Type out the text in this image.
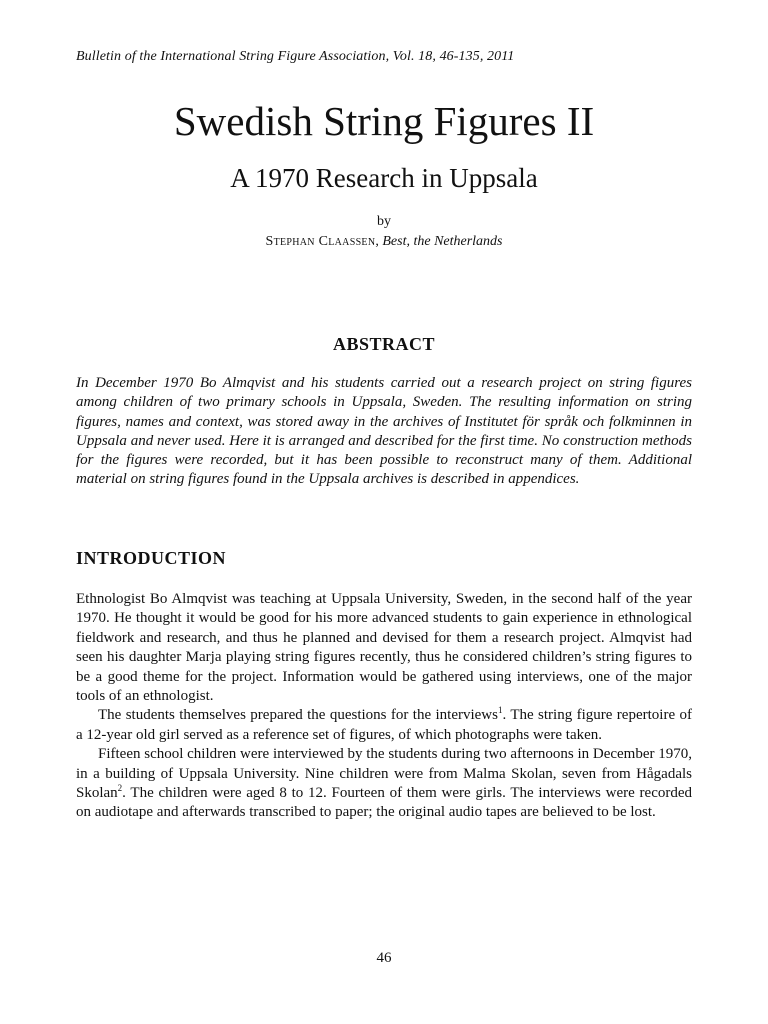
Bulletin of the International String Figure Association, Vol. 18, 46-135, 2011
Swedish String Figures II
A 1970 Research in Uppsala
by
Stephan Claassen, Best, the Netherlands
ABSTRACT

In December 1970 Bo Almqvist and his students carried out a research project on string figures among children of two primary schools in Uppsala, Sweden. The resulting information on string figures, names and context, was stored away in the archives of Institutet för språk och folkminnen in Uppsala and never used. Here it is arranged and described for the first time. No construction methods for the figures were recorded, but it has been possible to reconstruct many of them. Additional material on string figures found in the Uppsala archives is described in appendices.

INTRODUCTION

Ethnologist Bo Almqvist was teaching at Uppsala University, Sweden, in the second half of the year 1970. He thought it would be good for his more advanced students to gain experience in ethnological fieldwork and research, and thus he planned and devised for them a research project. Almqvist had seen his daughter Marja playing string figures recently, thus he considered children’s string figures to be a good theme for the project. Information would be gathered using interviews, one of the major tools of an ethnologist.

The students themselves prepared the questions for the interviews$^1$. The string figure repertoire of a 12-year old girl served as a reference set of figures, of which photographs were taken.

Fifteen school children were interviewed by the students during two afternoons in December 1970, in a building of Uppsala University. Nine children were from Malma Skolan, seven from Hågadals Skolan$^2$. The children were aged 8 to 12. Fourteen of them were girls. The interviews were recorded on audiotape and afterwards transcribed to paper; the original audio tapes are believed to be lost.

46
